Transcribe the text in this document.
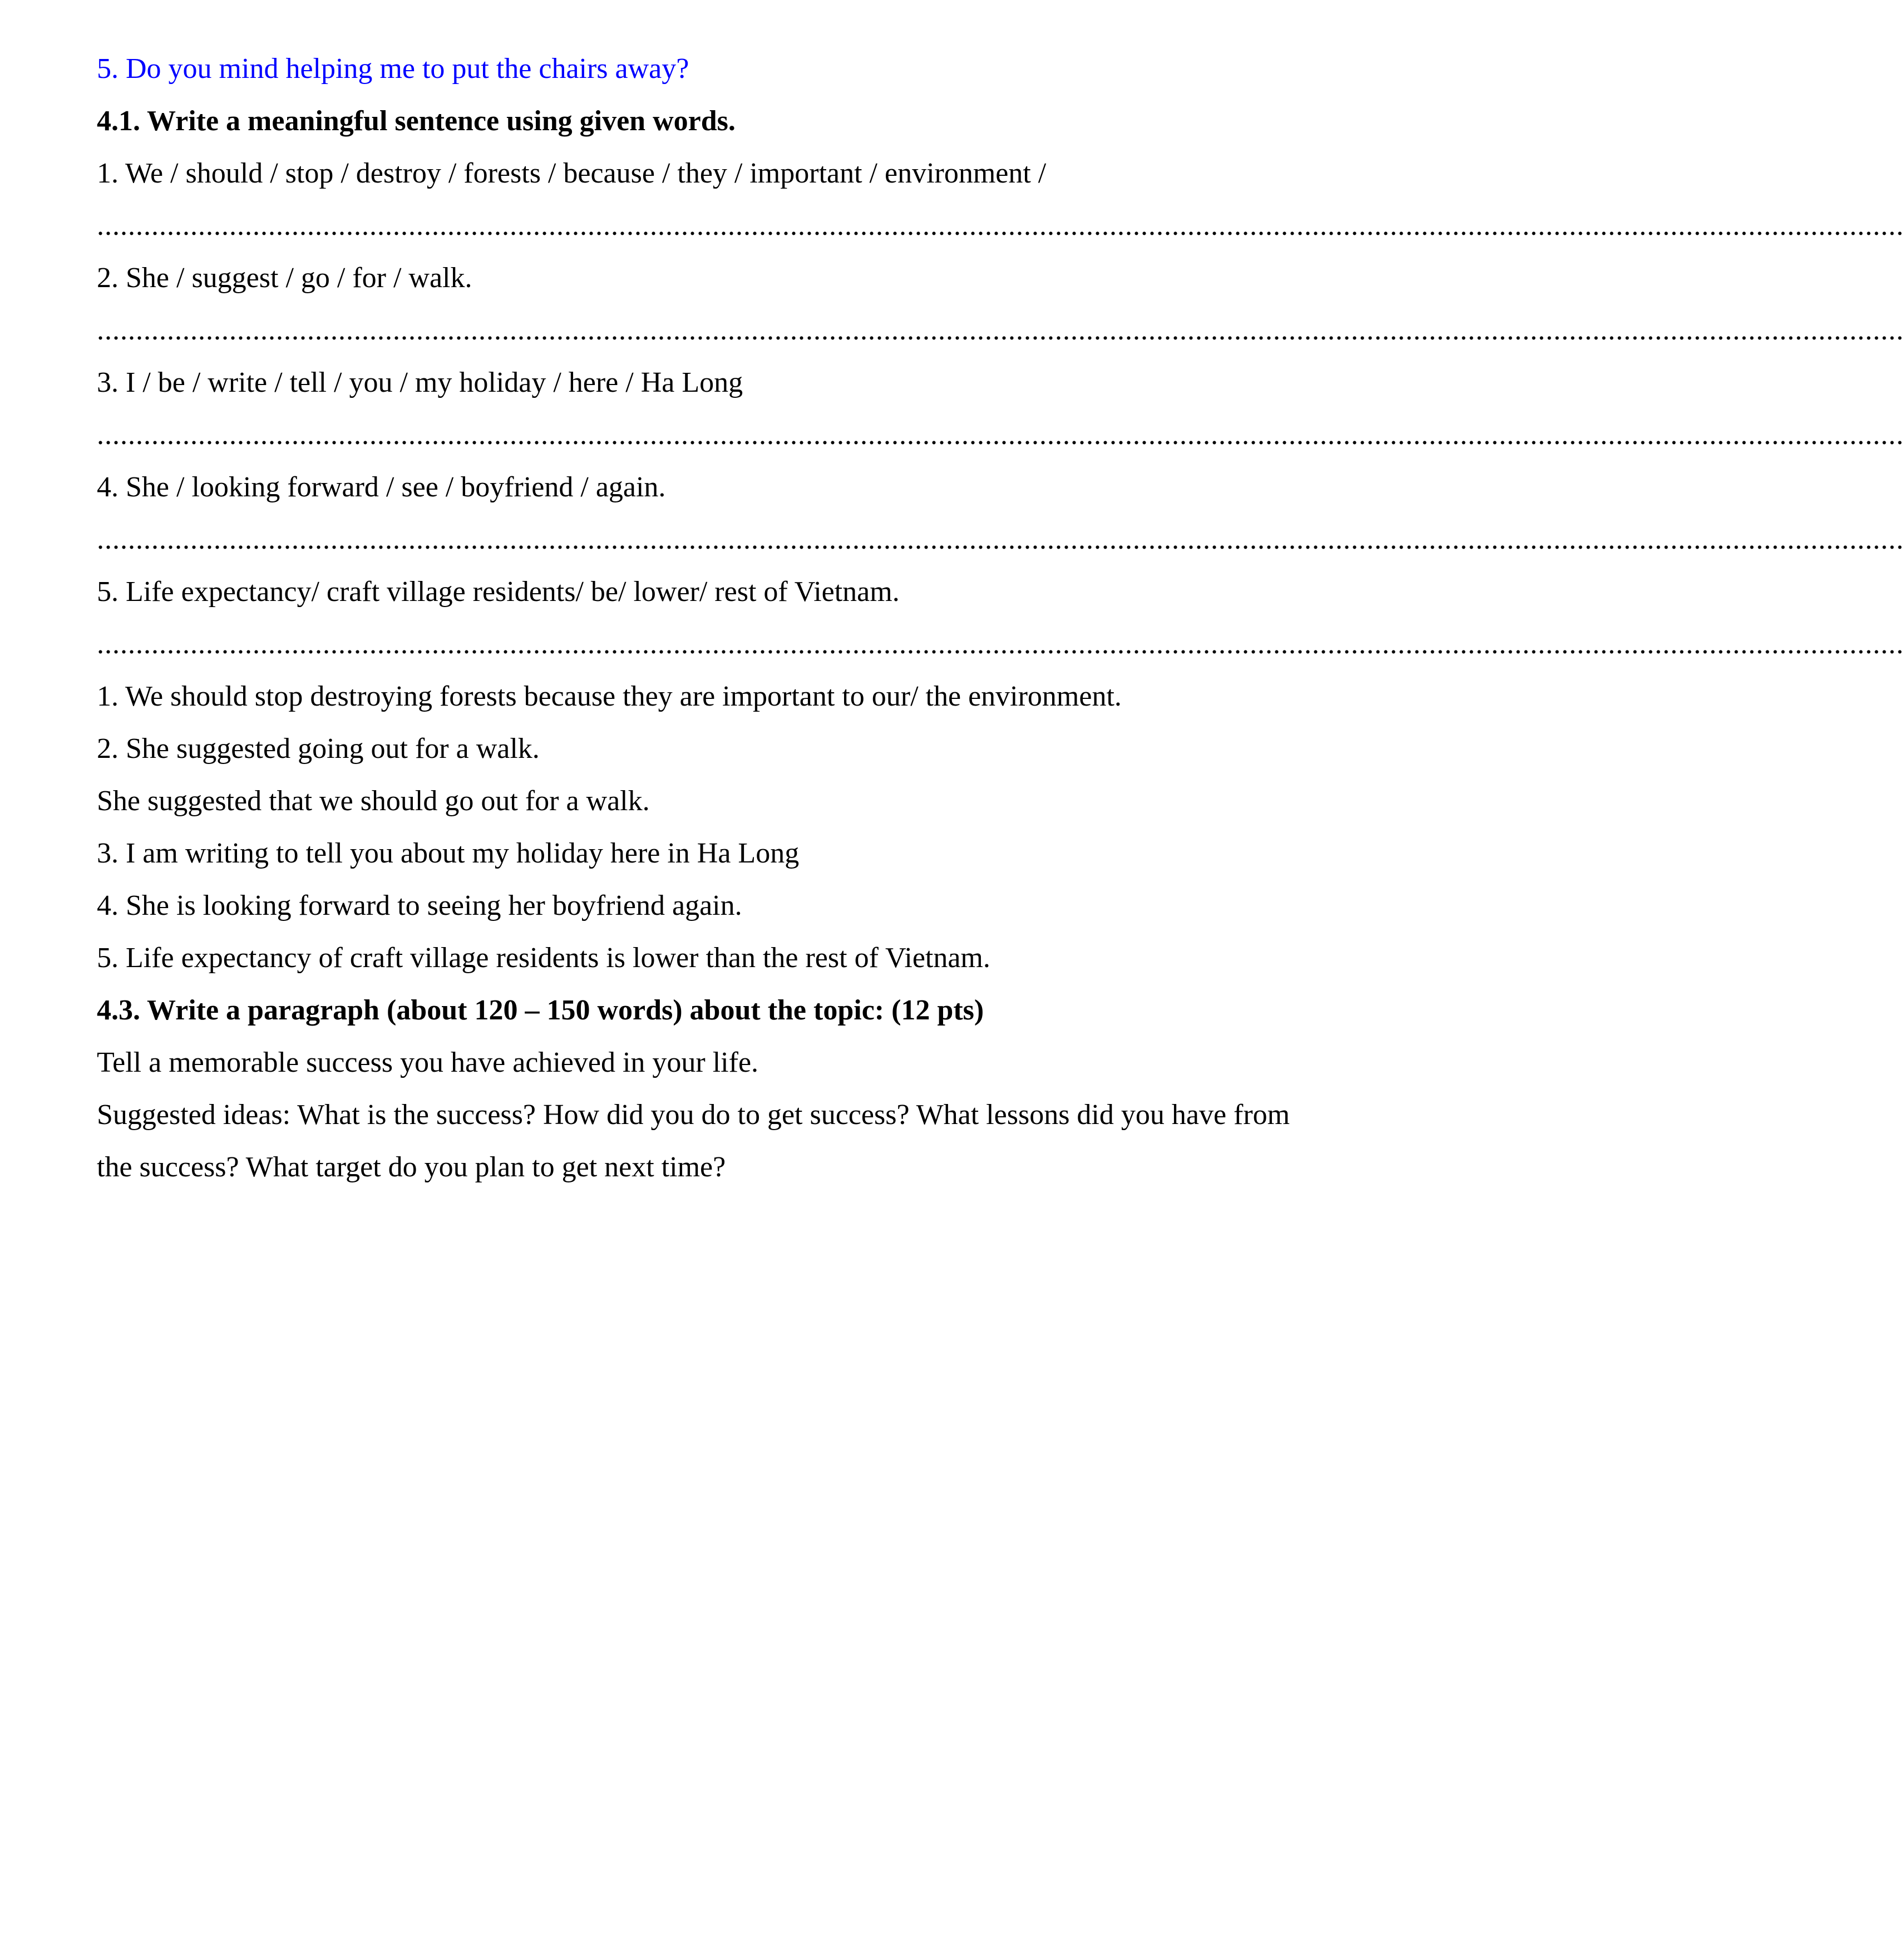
5. Do you mind helping me to put the chairs away?
4.1. Write a meaningful sentence using given words.
1. We / should / stop / destroy / forests / because / they / important / environment /
........................................................................................................................................................................................................................................
2. She / suggest / go / for / walk.
........................................................................................................................................................................................................................................
3. I / be / write / tell / you / my holiday / here / Ha Long
........................................................................................................................................................................................................................................
4. She / looking forward / see / boyfriend / again.
........................................................................................................................................................................................................................................
5. Life expectancy/ craft village residents/ be/ lower/ rest of Vietnam.
........................................................................................................................................................................................................................................
1. We should stop destroying forests because they are important to our/ the environment.
2. She suggested going out for a walk.
She suggested that we should go out for a walk.
3. I am writing to tell you about my holiday here in Ha Long
4. She is looking forward to seeing her boyfriend again.
5. Life expectancy of craft village residents is lower than the rest of Vietnam.
4.3. Write a paragraph (about 120 – 150 words) about the topic: (12 pts)
Tell a memorable success you have achieved in your life.
Suggested ideas: What is the success? How did you do to get success? What lessons did you have from the success? What target do you plan to get next time?
